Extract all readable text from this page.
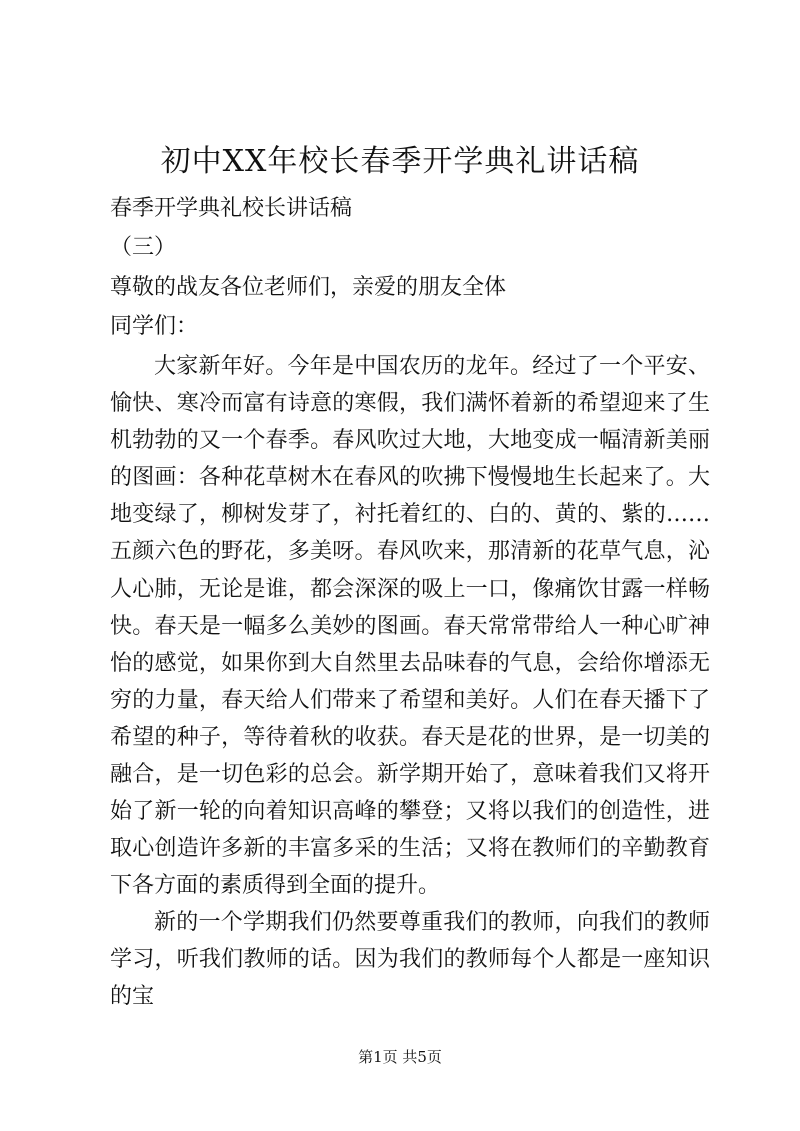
初中XX年校长春季开学典礼讲话稿
春季开学典礼校长讲话稿
（三）
尊敬的战友各位老师们，亲爱的朋友全体
同学们：

大家新年好。今年是中国农历的龙年。经过了一个平安、愉快、寒冷而富有诗意的寒假，我们满怀着新的希望迎来了生机勃勃的又一个春季。春风吹过大地，大地变成一幅清新美丽的图画：各种花草树木在春风的吹拂下慢慢地生长起来了。大地变绿了，柳树发芽了，衬托着红的、白的、黄的、紫的……五颜六色的野花，多美呀。春风吹来，那清新的花草气息，沁人心肺，无论是谁，都会深深的吸上一口，像痛饮甘露一样畅快。春天是一幅多么美妙的图画。春天常常带给人一种心旷神怡的感觉，如果你到大自然里去品味春的气息，会给你增添无穷的力量，春天给人们带来了希望和美好。人们在春天播下了希望的种子，等待着秋的收获。春天是花的世界，是一切美的融合，是一切色彩的总会。新学期开始了，意味着我们又将开始了新一轮的向着知识高峰的攀登；又将以我们的创造性，进取心创造许多新的丰富多采的生活；又将在教师们的辛勤教育下各方面的素质得到全面的提升。

新的一个学期我们仍然要尊重我们的教师，向我们的教师学习，听我们教师的话。因为我们的教师每个人都是一座知识的宝

第1页 共5页
